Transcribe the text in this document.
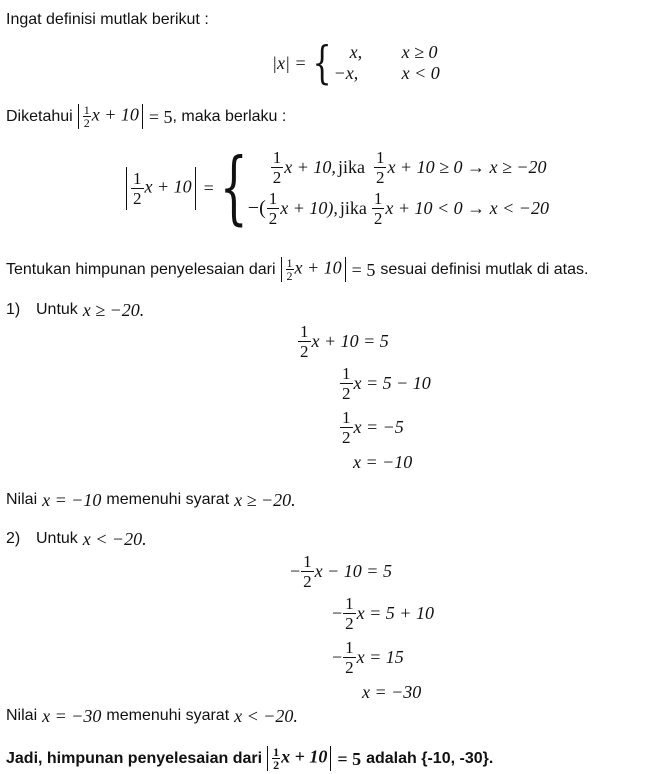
Ingat definisi mutlak berikut :
|x| = {	x,	x ≥ 0
−x,	x < 0
Diketahui $\frac{1}{2}$ x + 10 = 5 , maka berlaku :
$\frac{1}{2}$ x + 10 = { $\frac{1}{2}$ x + 10, jika $\frac{1}{2}$ x + 10 ≥ 0 → x ≥ −20
−( $\frac{1}{2}$ x + 10), jika $\frac{1}{2}$ x + 10 < 0 → x < −20
Tentukan himpunan penyelesaian dari $\frac{1}{2}$ x + 10 = 5 sesuai definisi mutlak di atas.
1) Untuk x ≥ −20.
$\frac{1}{2}$ x + 10 = 5
$\frac{1}{2}$ x = 5 − 10
$\frac{1}{2}$ x = −5
x = −10
Nilai x = −10 memenuhi syarat x ≥ −20.
2) Untuk x < −20.
− $\frac{1}{2}$ x − 10 = 5
− $\frac{1}{2}$ x = 5 + 10
− $\frac{1}{2}$ x = 15
x = −30
Nilai x = −30 memenuhi syarat x < −20.
Jadi, himpunan penyelesaian dari $\frac{1}{2}$ x + 10 = 5 adalah {-10, -30}.
